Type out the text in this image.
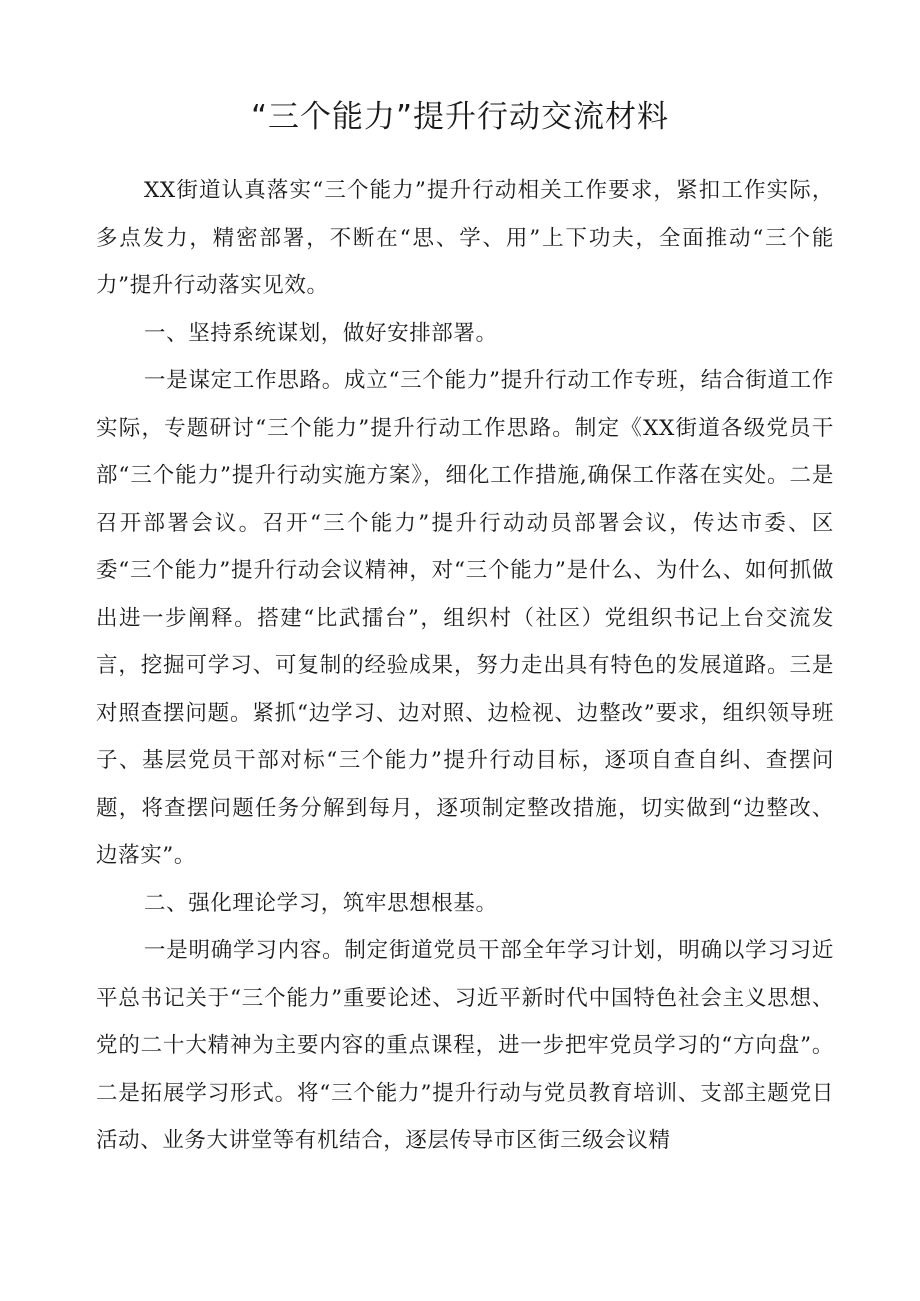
“三个能力”提升行动交流材料

XX街道认真落实“三个能力”提升行动相关工作要求，紧扣工作实际，多点发力，精密部署，不断在“思、学、用”上下功夫，全面推动“三个能力”提升行动落实见效。

一、坚持系统谋划，做好安排部署。

一是谋定工作思路。成立“三个能力”提升行动工作专班，结合街道工作实际，专题研讨“三个能力”提升行动工作思路。制定《XX街道各级党员干部“三个能力”提升行动实施方案》，细化工作措施,确保工作落在实处。二是召开部署会议。召开“三个能力”提升行动动员部署会议，传达市委、区委“三个能力”提升行动会议精神，对“三个能力”是什么、为什么、如何抓做出进一步阐释。搭建“比武擂台”，组织村（社区）党组织书记上台交流发言，挖掘可学习、可复制的经验成果，努力走出具有特色的发展道路。三是对照查摆问题。紧抓“边学习、边对照、边检视、边整改”要求，组织领导班子、基层党员干部对标“三个能力”提升行动目标，逐项自查自纠、查摆问题，将查摆问题任务分解到每月，逐项制定整改措施，切实做到“边整改、边落实”。

二、强化理论学习，筑牢思想根基。

一是明确学习内容。制定街道党员干部全年学习计划，明确以学习习近平总书记关于“三个能力”重要论述、习近平新时代中国特色社会主义思想、党的二十大精神为主要内容的重点课程，进一步把牢党员学习的“方向盘”。二是拓展学习形式。将“三个能力”提升行动与党员教育培训、支部主题党日活动、业务大讲堂等有机结合，逐层传导市区街三级会议精
